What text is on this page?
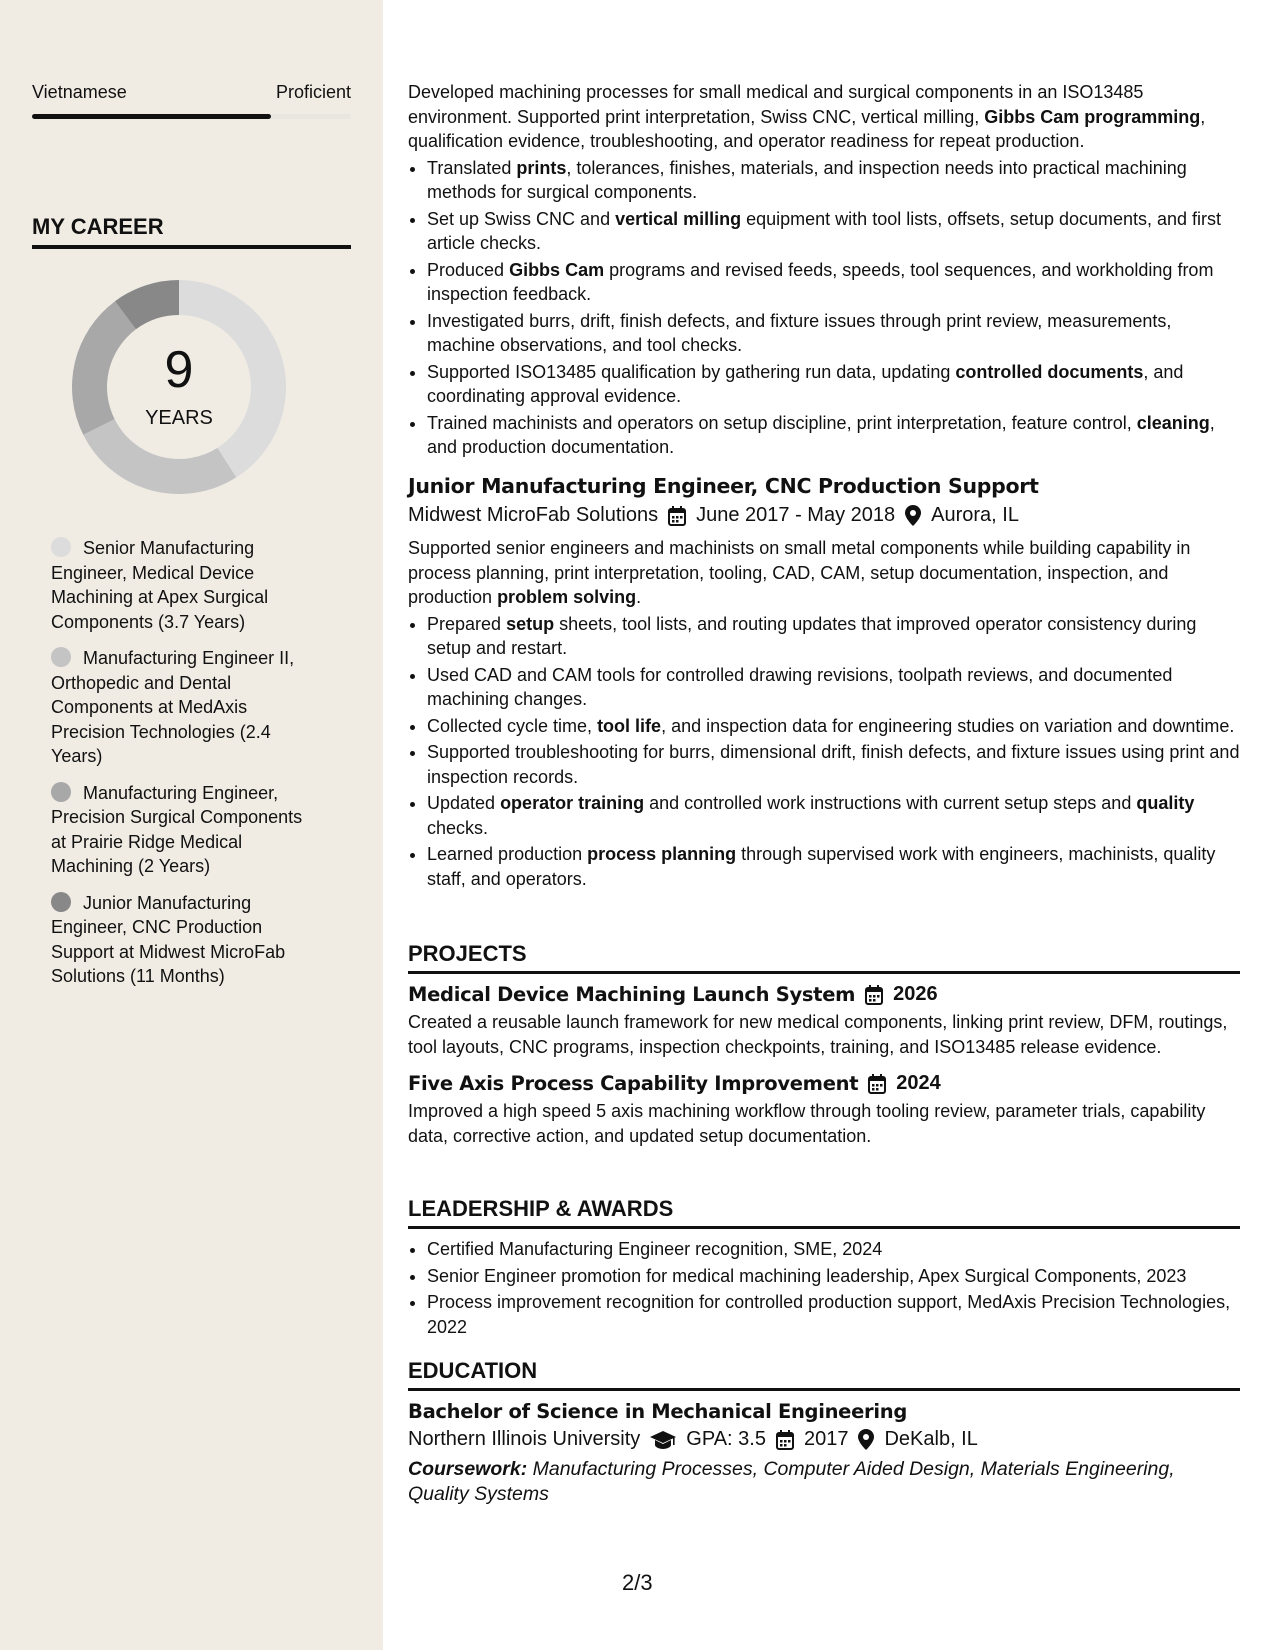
Vietnamese	Proficient
MY CAREER
9
YEARS
Senior Manufacturing Engineer, Medical Device Machining at Apex Surgical Components (3.7 Years)
Manufacturing Engineer II, Orthopedic and Dental Components at MedAxis Precision Technologies (2.4 Years)
Manufacturing Engineer, Precision Surgical Components at Prairie Ridge Medical Machining (2 Years)
Junior Manufacturing Engineer, CNC Production Support at Midwest MicroFab Solutions (11 Months)

Developed machining processes for small medical and surgical components in an ISO13485 environment. Supported print interpretation, Swiss CNC, vertical milling, Gibbs Cam programming, qualification evidence, troubleshooting, and operator readiness for repeat production.

• Translated prints, tolerances, finishes, materials, and inspection needs into practical machining methods for surgical components.
• Set up Swiss CNC and vertical milling equipment with tool lists, offsets, setup documents, and first article checks.
• Produced Gibbs Cam programs and revised feeds, speeds, tool sequences, and workholding from inspection feedback.
• Investigated burrs, drift, finish defects, and fixture issues through print review, measurements, machine observations, and tool checks.
• Supported ISO13485 qualification by gathering run data, updating controlled documents, and coordinating approval evidence.
• Trained machinists and operators on setup discipline, print interpretation, feature control, cleaning, and production documentation.
Junior Manufacturing Engineer, CNC Production Support
Midwest MicroFab Solutions June 2017 - May 2018 Aurora, IL

Supported senior engineers and machinists on small metal components while building capability in process planning, print interpretation, tooling, CAD, CAM, setup documentation, inspection, and production problem solving.

• Prepared setup sheets, tool lists, and routing updates that improved operator consistency during setup and restart.
• Used CAD and CAM tools for controlled drawing revisions, toolpath reviews, and documented machining changes.
• Collected cycle time, tool life, and inspection data for engineering studies on variation and downtime.
• Supported troubleshooting for burrs, dimensional drift, finish defects, and fixture issues using print and inspection records.
• Updated operator training and controlled work instructions with current setup steps and quality checks.
• Learned production process planning through supervised work with engineers, machinists, quality staff, and operators.
PROJECTS
Medical Device Machining Launch System 2026

Created a reusable launch framework for new medical components, linking print review, DFM, routings, tool layouts, CNC programs, inspection checkpoints, training, and ISO13485 release evidence.

Five Axis Process Capability Improvement 2024

Improved a high speed 5 axis machining workflow through tooling review, parameter trials, capability data, corrective action, and updated setup documentation.

LEADERSHIP & AWARDS
• Certified Manufacturing Engineer recognition, SME, 2024
• Senior Engineer promotion for medical machining leadership, Apex Surgical Components, 2023
• Process improvement recognition for controlled production support, MedAxis Precision Technologies, 2022
EDUCATION
Bachelor of Science in Mechanical Engineering
Northern Illinois University GPA: 3.5 2017 DeKalb, IL

Coursework: Manufacturing Processes, Computer Aided Design, Materials Engineering, Quality Systems

2/3
